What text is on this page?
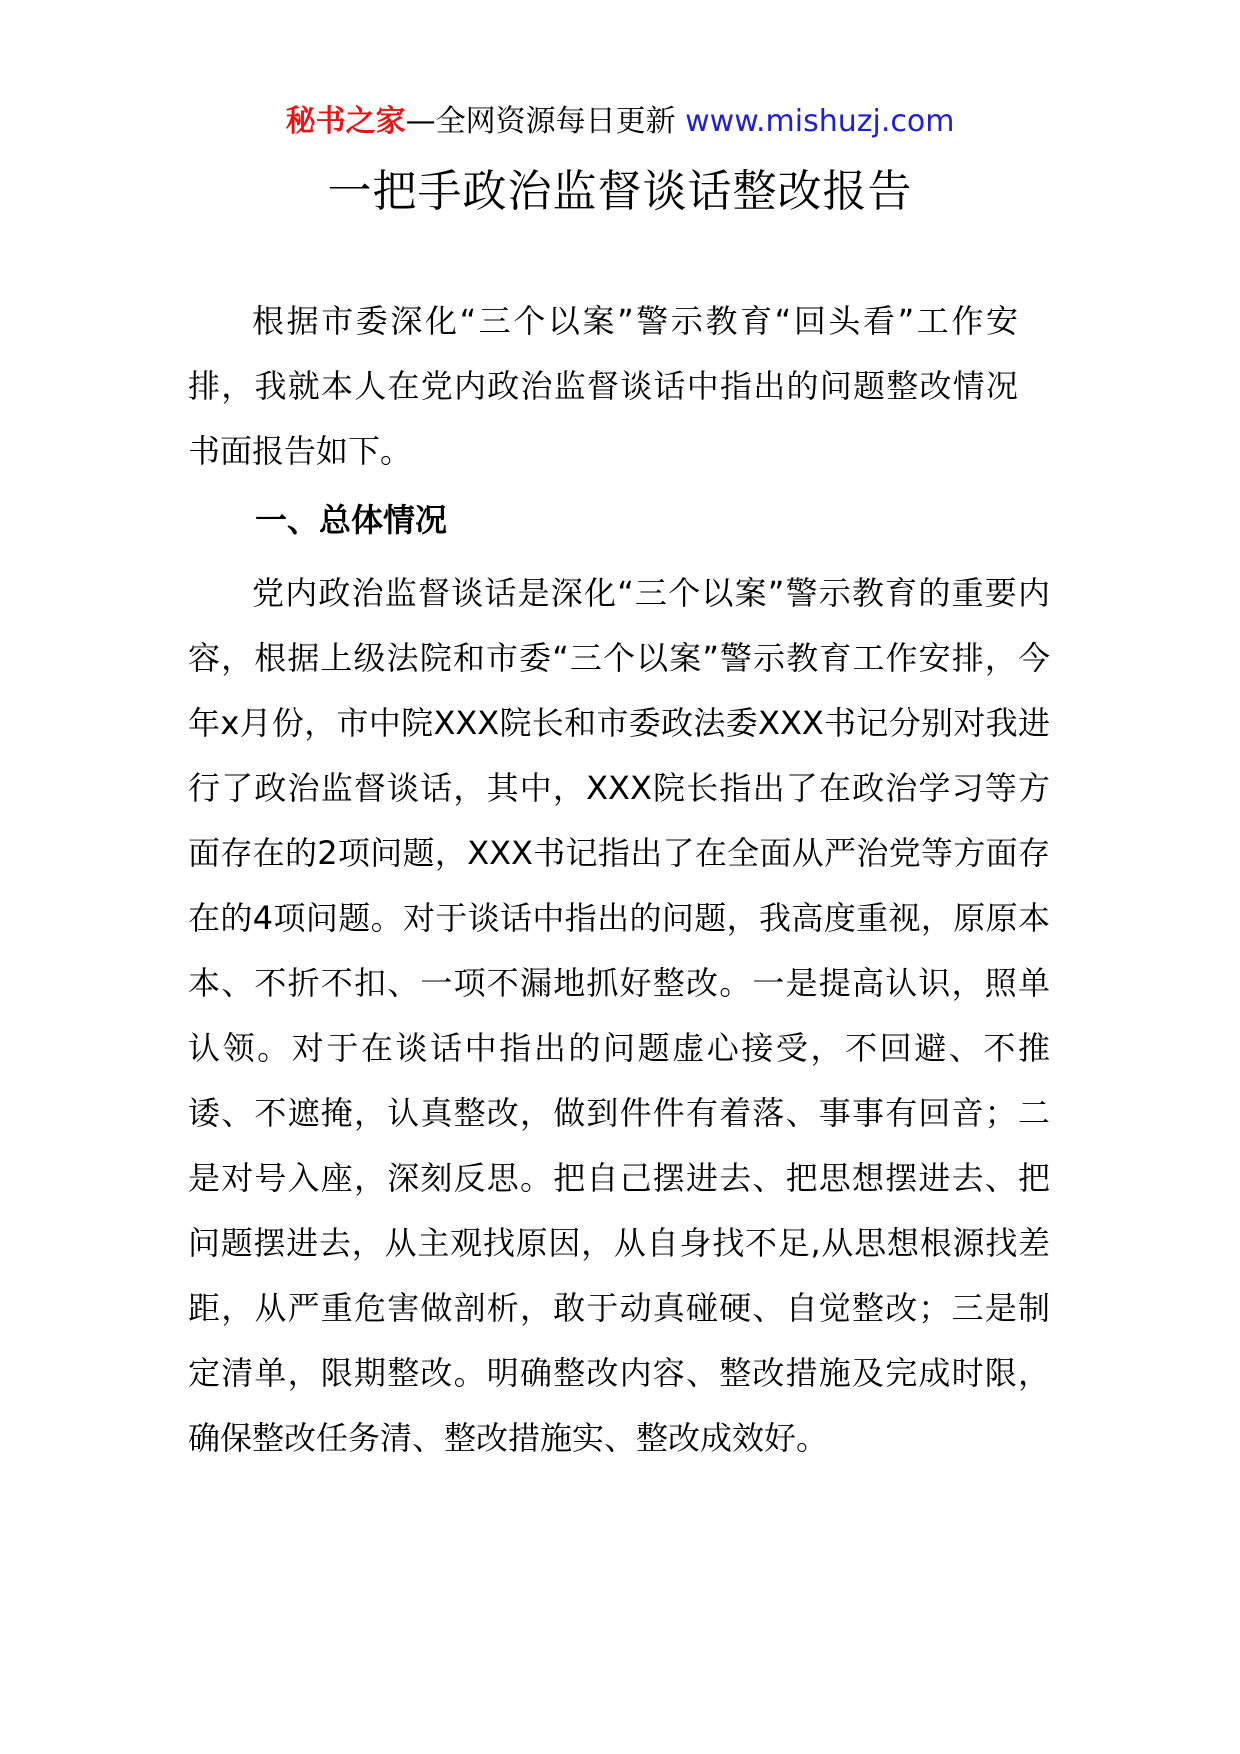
秘书之家—全网资源每日更新 www.mishuzj.com
一把手政治监督谈话整改报告

根据市委深化“三个以案”警示教育“回头看”工作安排，我就本人在党内政治监督谈话中指出的问题整改情况书面报告如下。

一、总体情况

党内政治监督谈话是深化“三个以案”警示教育的重要内容，根据上级法院和市委“三个以案”警示教育工作安排，今年x月份，市中院XXX院长和市委政法委XXX书记分别对我进行了政治监督谈话，其中，XXX院长指出了在政治学习等方面存在的2项问题，XXX书记指出了在全面从严治党等方面存在的4项问题。对于谈话中指出的问题，我高度重视，原原本本、不折不扣、一项不漏地抓好整改。一是提高认识，照单认领。对于在谈话中指出的问题虚心接受，不回避、不推诿、不遮掩，认真整改，做到件件有着落、事事有回音；二是对号入座，深刻反思。把自己摆进去、把思想摆进去、把问题摆进去，从主观找原因，从自身找不足,从思想根源找差距，从严重危害做剖析，敢于动真碰硬、自觉整改；三是制定清单，限期整改。明确整改内容、整改措施及完成时限，确保整改任务清、整改措施实、整改成效好。
